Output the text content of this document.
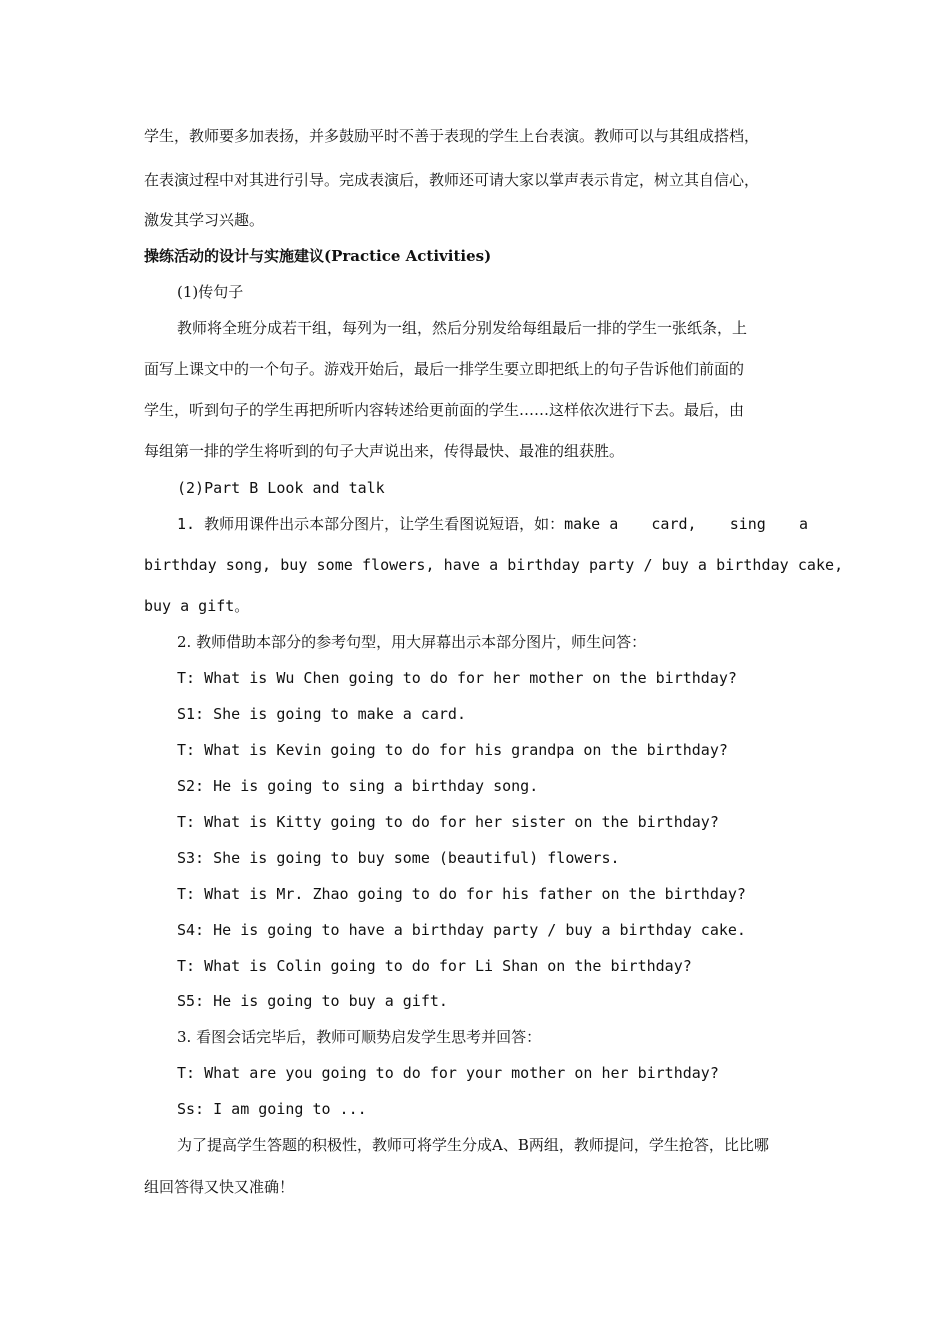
学生，教师要多加表扬，并多鼓励平时不善于表现的学生上台表演。教师可以与其组成搭档，
在表演过程中对其进行引导。完成表演后，教师还可请大家以掌声表示肯定，树立其自信心，
激发其学习兴趣。
操练活动的设计与实施建议(Practice Activities)
(1)传句子
教师将全班分成若干组，每列为一组，然后分别发给每组最后一排的学生一张纸条，上
面写上课文中的一个句子。游戏开始后，最后一排学生要立即把纸上的句子告诉他们前面的
学生，听到句子的学生再把所听内容转述给更前面的学生……这样依次进行下去。最后，由
每组第一排的学生将听到的句子大声说出来，传得最快、最准的组获胜。
(2)Part B Look and talk
1. 教师用课件出示本部分图片，让学生看图说短语，如：make a card, sing a
birthday song, buy some flowers, have a birthday party / buy a birthday cake,
buy a gift。
2. 教师借助本部分的参考句型，用大屏幕出示本部分图片，师生问答：
T: What is Wu Chen going to do for her mother on the birthday?
S1: She is going to make a card.
T: What is Kevin going to do for his grandpa on the birthday?
S2: He is going to sing a birthday song.
T: What is Kitty going to do for her sister on the birthday?
S3: She is going to buy some (beautiful) flowers.
T: What is Mr. Zhao going to do for his father on the birthday?
S4: He is going to have a birthday party / buy a birthday cake.
T: What is Colin going to do for Li Shan on the birthday?
S5: He is going to buy a gift.
3. 看图会话完毕后，教师可顺势启发学生思考并回答：
T: What are you going to do for your mother on her birthday?
Ss: I am going to ...
为了提高学生答题的积极性，教师可将学生分成A、B两组，教师提问，学生抢答，比比哪
组回答得又快又准确！
